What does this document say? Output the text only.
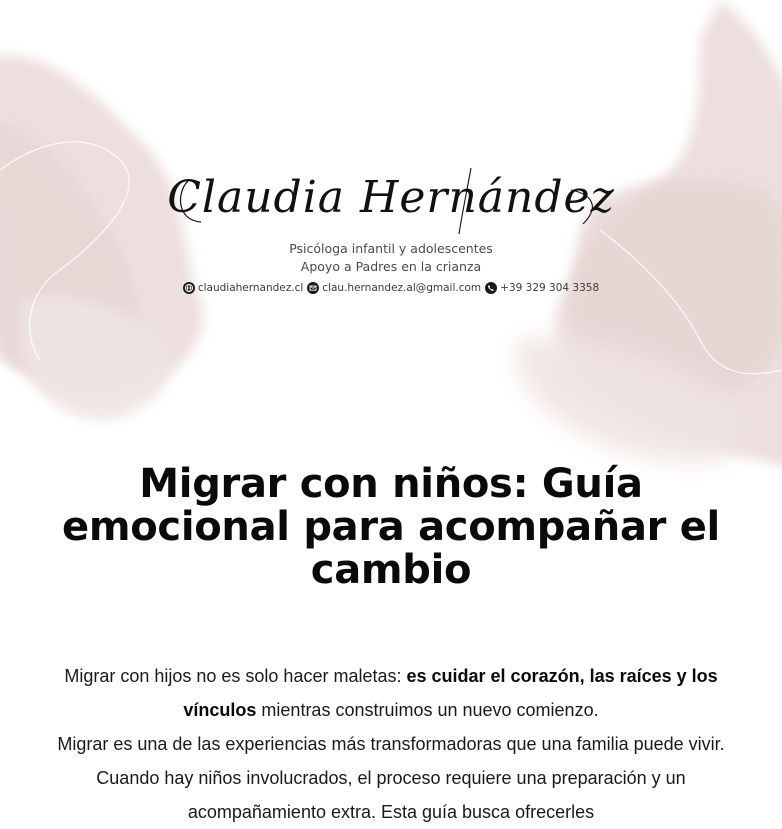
Claudia Hernández

Psicóloga infantil y adolescentes

Apoyo a Padres en la crianza

claudiahernandez.cl clau.hernandez.al@gmail.com +39 329 304 3358
Migrar con niños: Guía emocional para acompañar el cambio

Migrar con hijos no es solo hacer maletas: es cuidar el corazón, las raíces y los vínculos mientras construimos un nuevo comienzo.

Migrar es una de las experiencias más transformadoras que una familia puede vivir. Cuando hay niños involucrados, el proceso requiere una preparación y un acompañamiento extra. Esta guía busca ofrecerles
